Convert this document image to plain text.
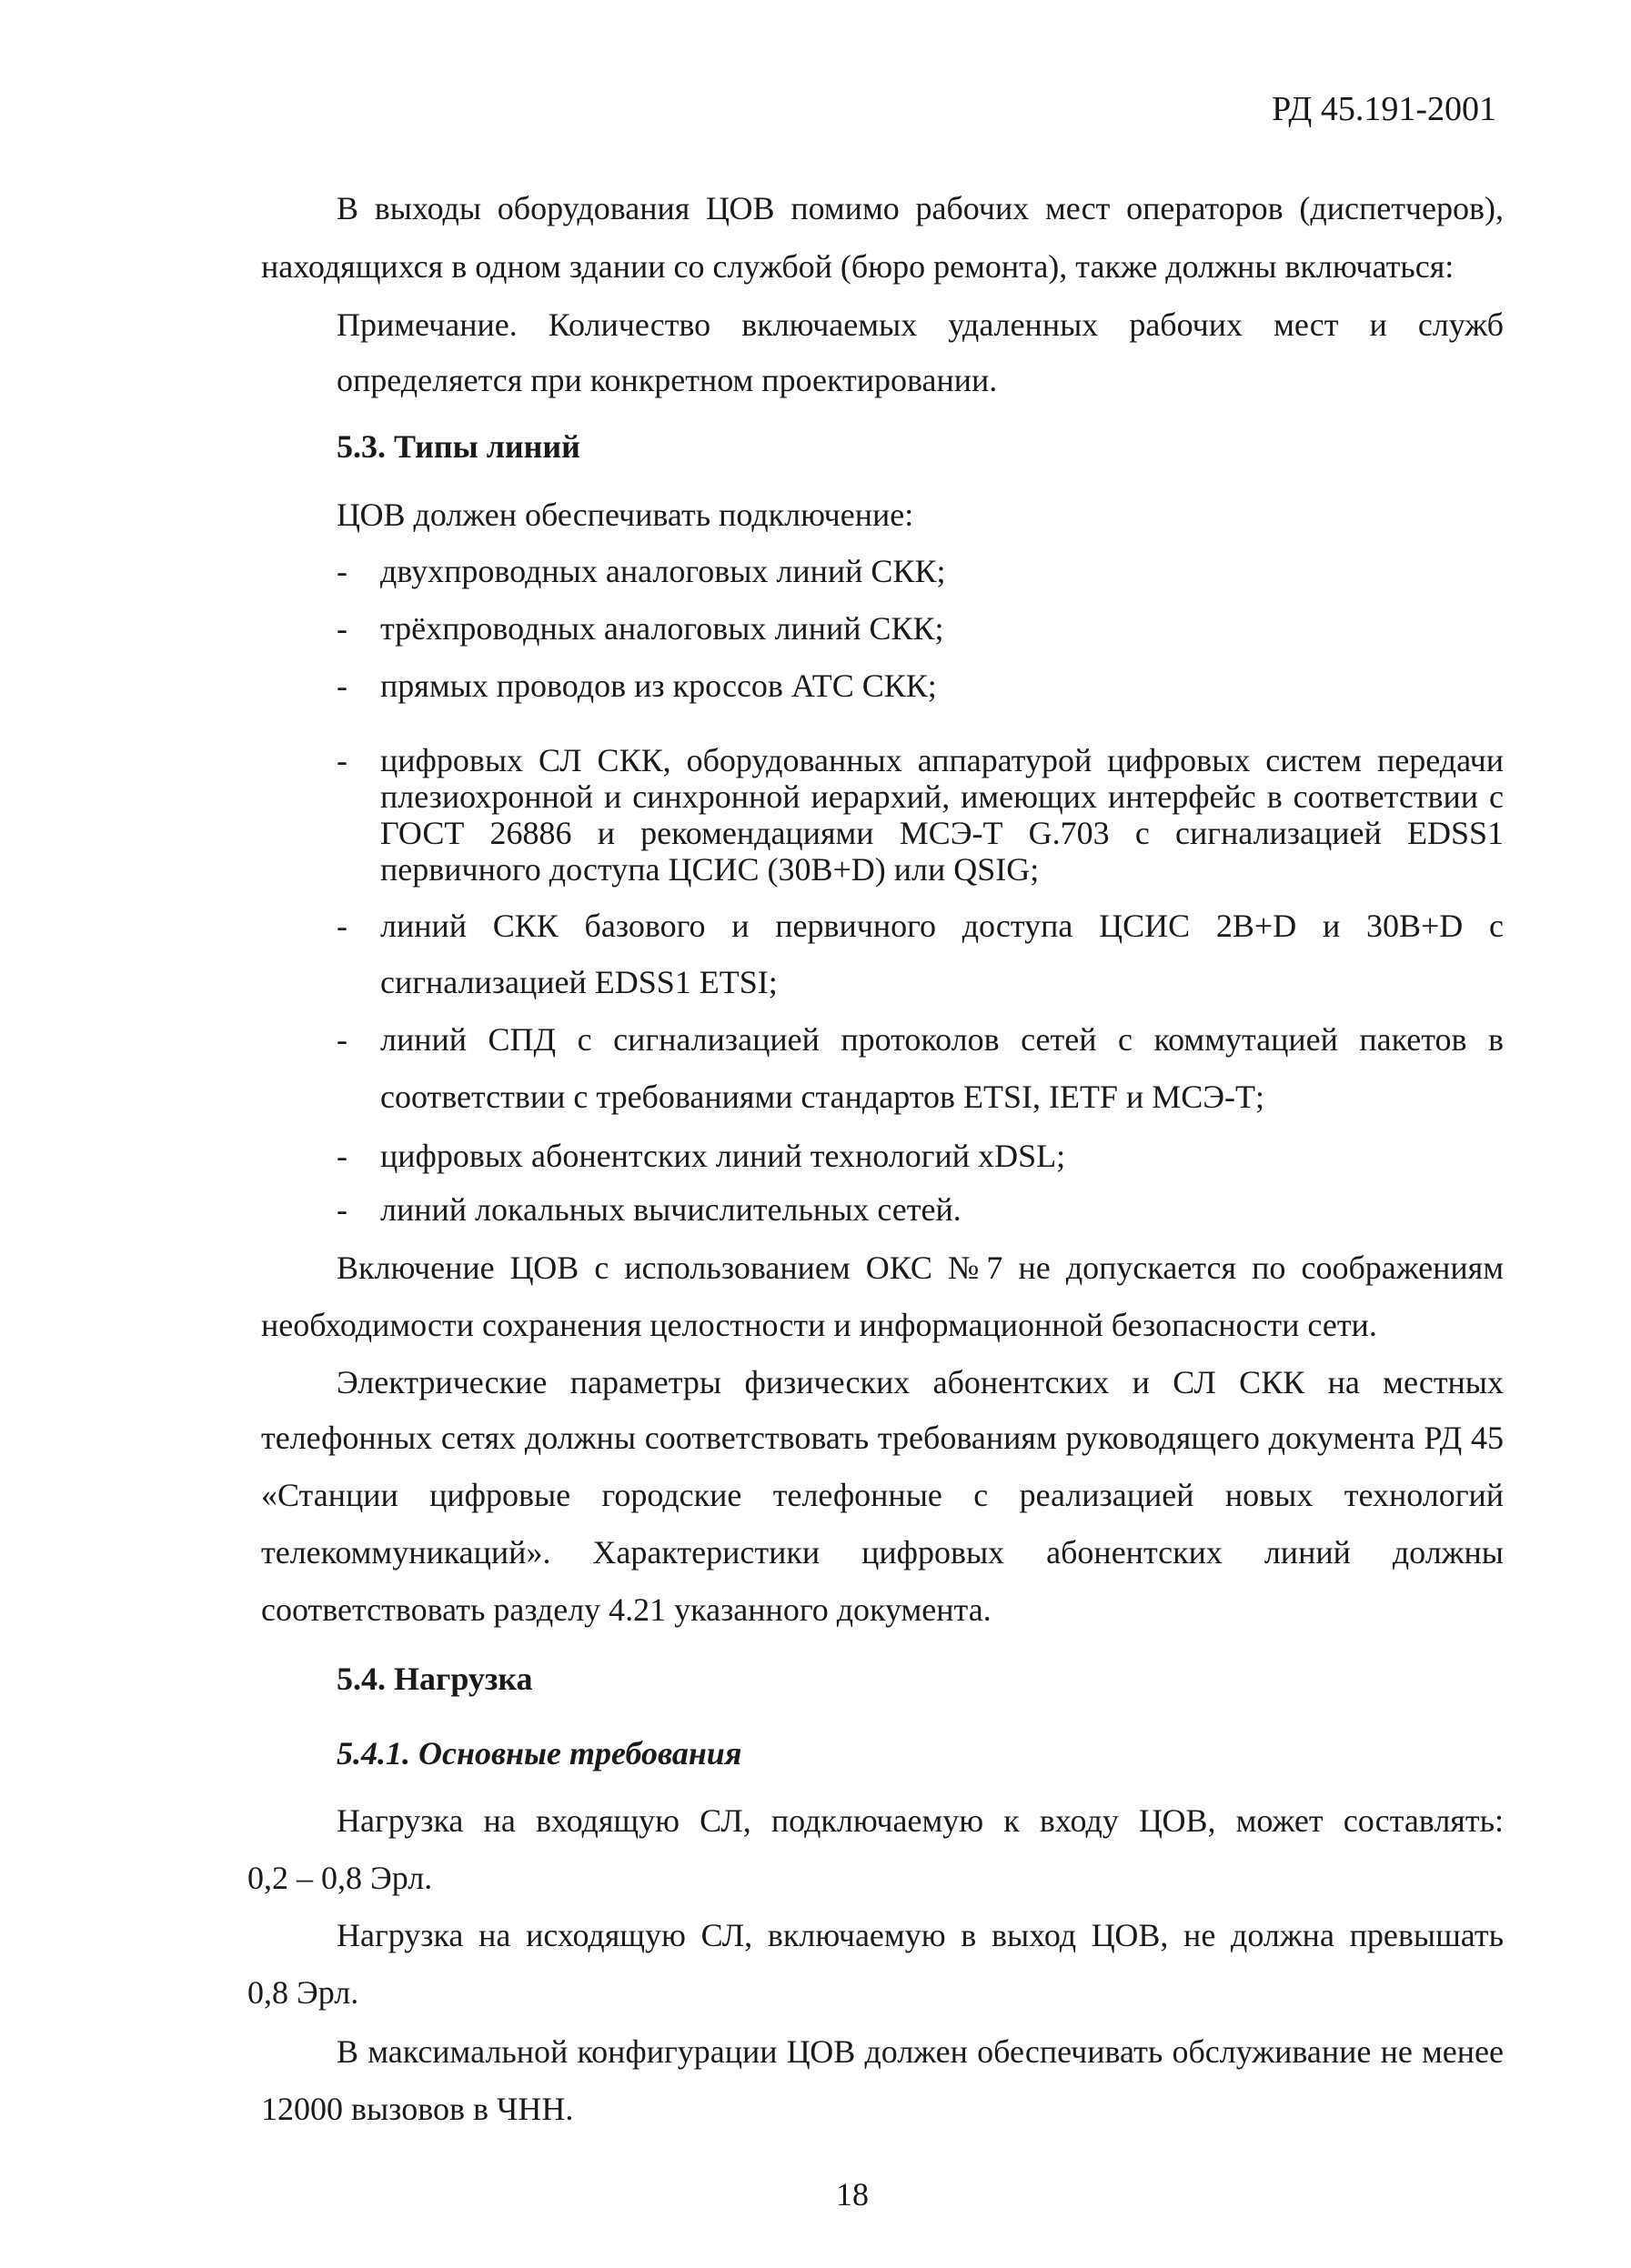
РД 45.191-2001
В выходы оборудования ЦОВ помимо рабочих мест операторов (диспетчеров),
находящихся в одном здании со службой (бюро ремонта), также должны включаться:
Примечание. Количество включаемых удаленных рабочих мест и служб
определяется при конкретном проектировании.
5.3. Типы линий
ЦОВ должен обеспечивать подключение:
- двухпроводных аналоговых линий СКК;
- трёхпроводных аналоговых линий СКК;
- прямых проводов из кроссов АТС СКК;
- цифровых СЛ СКК, оборудованных аппаратурой цифровых систем передачи
плезиохронной и синхронной иерархий, имеющих интерфейс в соответствии с
ГОСТ 26886 и рекомендациями МСЭ-Т G.703 с сигнализацией EDSS1
первичного доступа ЦСИС (30B+D) или QSIG;
- линий СКК базового и первичного доступа ЦСИС 2B+D и 30B+D с
сигнализацией EDSS1 ETSI;
- линий СПД с сигнализацией протоколов сетей с коммутацией пакетов в
соответствии с требованиями стандартов ETSI, IETF и МСЭ-Т;
- цифровых абонентских линий технологий xDSL;
- линий локальных вычислительных сетей.
Включение ЦОВ с использованием ОКС №7 не допускается по соображениям
необходимости сохранения целостности и информационной безопасности сети.
Электрические параметры физических абонентских и СЛ СКК на местных
телефонных сетях должны соответствовать требованиям руководящего документа РД 45
«Станции цифровые городские телефонные с реализацией новых технологий
телекоммуникаций». Характеристики цифровых абонентских линий должны
соответствовать разделу 4.21 указанного документа.
5.4. Нагрузка
5.4.1. Основные требования
Нагрузка на входящую СЛ, подключаемую к входу ЦОВ, может составлять:
0,2 – 0,8 Эрл.
Нагрузка на исходящую СЛ, включаемую в выход ЦОВ, не должна превышать
0,8 Эрл.
В максимальной конфигурации ЦОВ должен обеспечивать обслуживание не менее
12000 вызовов в ЧНН.
18
